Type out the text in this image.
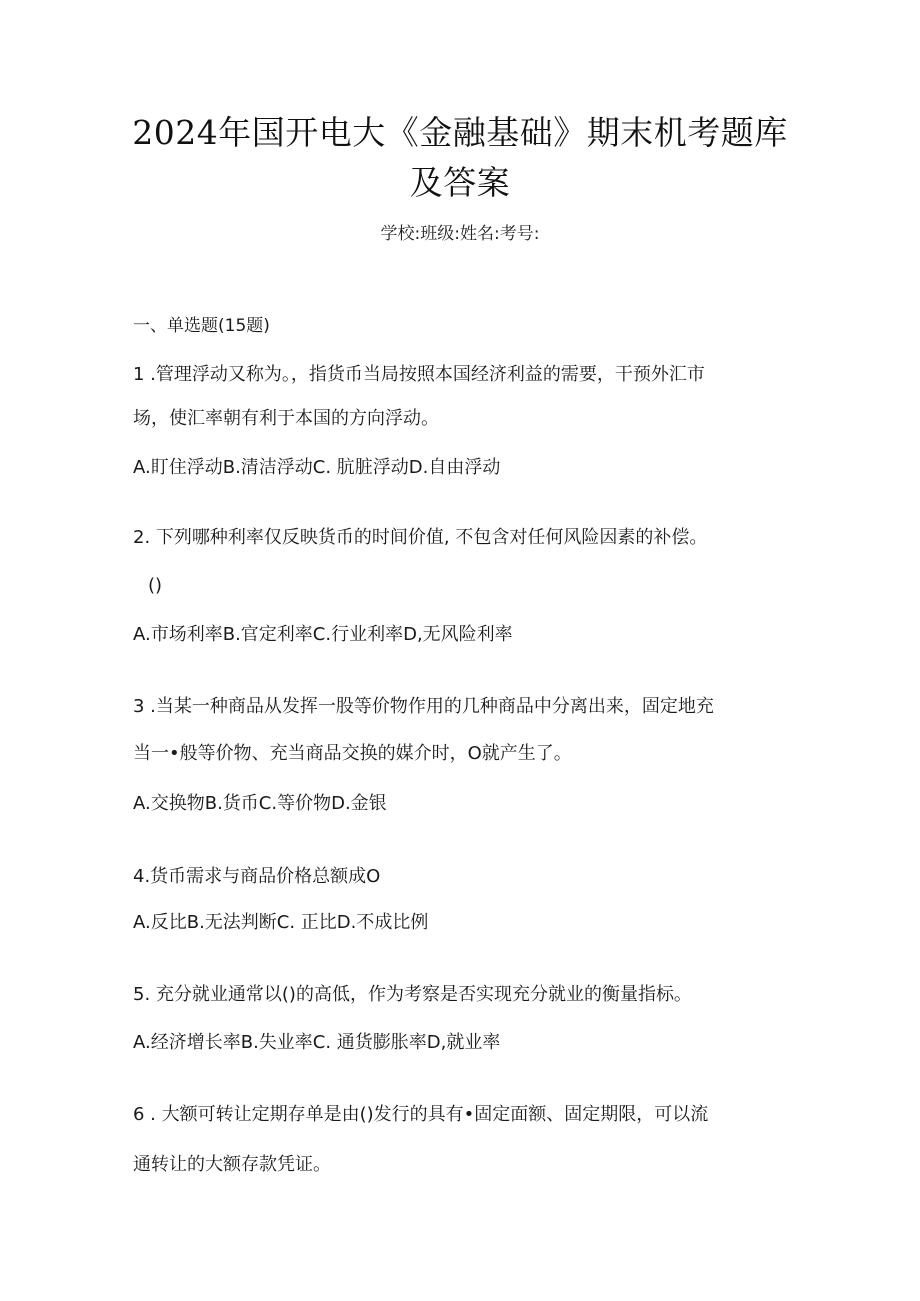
2024年国开电大《金融基础》期末机考题库
及答案
学校:班级:姓名:考号:
一、单选题(15题)
1 .管理浮动又称为。，指货币当局按照本国经济利益的需要，干预外汇市
场，使汇率朝有利于本国的方向浮动。
A.盯住浮动B.清洁浮动C. 肮脏浮动D.自由浮动
2. 下列哪种利率仅反映货币的时间价值, 不包含对任何风险因素的补偿。
()
A.市场利率B.官定利率C.行业利率D,无风险利率
3 .当某一种商品从发挥一股等价物作用的几种商品中分离出来，固定地充
当一•般等价物、充当商品交换的媒介时，O就产生了。
A.交换物B.货币C.等价物D.金银
4.货币需求与商品价格总额成O
A.反比B.无法判断C. 正比D.不成比例
5. 充分就业通常以()的高低，作为考察是否实现充分就业的衡量指标。
A.经济增长率B.失业率C. 通货膨胀率D,就业率
6 . 大额可转让定期存单是由()发行的具有•固定面额、固定期限，可以流
通转让的大额存款凭证。
